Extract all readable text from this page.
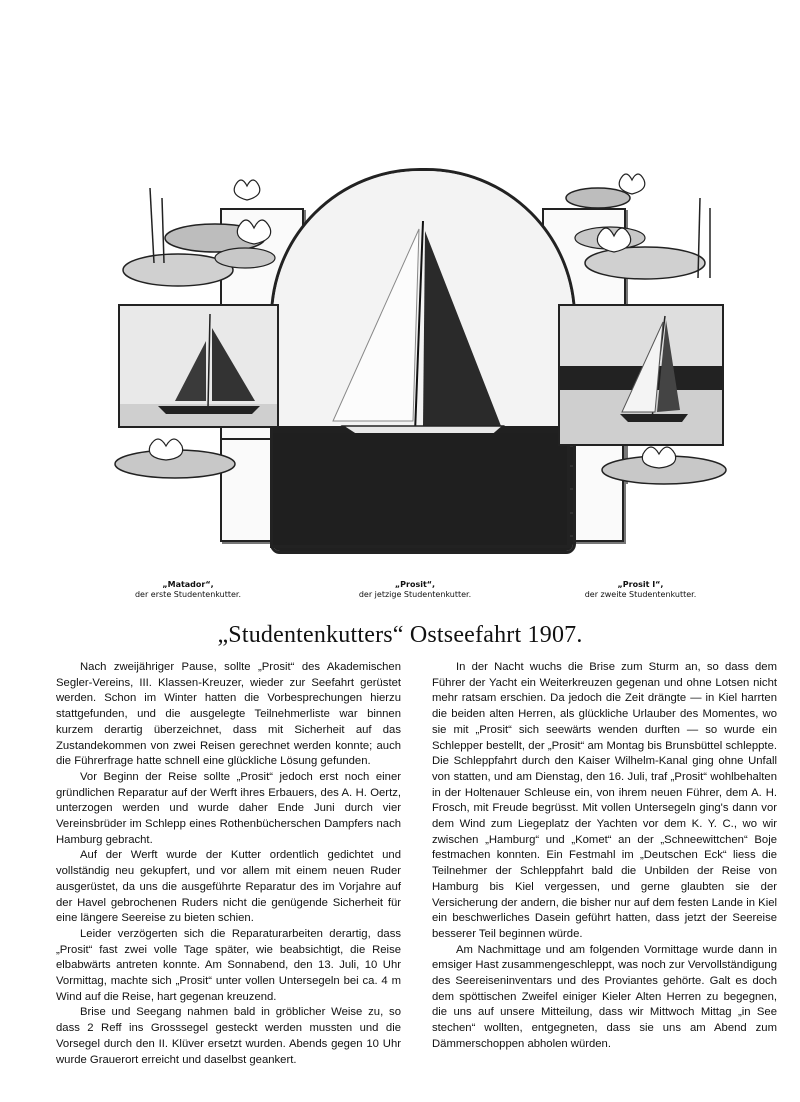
„Matador“,
der erste Studentenkutter.
„Prosit“,
der jetzige Studentenkutter.
„Prosit I“,
der zweite Studentenkutter.
„Studentenkutters“ Ostseefahrt 1907.

Nach zweijähriger Pause, sollte „Prosit“ des Akademischen Segler-Vereins, III. Klassen-Kreuzer, wieder zur Seefahrt gerüstet werden. Schon im Winter hatten die Vorbesprechungen hierzu stattgefunden, und die ausgelegte Teilnehmerliste war binnen kurzem derartig überzeichnet, dass mit Sicherheit auf das Zustandekommen von zwei Reisen gerechnet werden konnte; auch die Führerfrage hatte schnell eine glückliche Lösung gefunden.

Vor Beginn der Reise sollte „Prosit“ jedoch erst noch einer gründlichen Reparatur auf der Werft ihres Erbauers, des A. H. Oertz, unterzogen werden und wurde daher Ende Juni durch vier Vereinsbrüder im Schlepp eines Rothenbücherschen Dampfers nach Hamburg gebracht.

Auf der Werft wurde der Kutter ordentlich gedichtet und vollständig neu gekupfert, und vor allem mit einem neuen Ruder ausgerüstet, da uns die ausgeführte Reparatur des im Vorjahre auf der Havel gebrochenen Ruders nicht die genügende Sicherheit für eine längere Seereise zu bieten schien.

Leider verzögerten sich die Reparaturarbeiten derartig, dass „Prosit“ fast zwei volle Tage später, wie beabsichtigt, die Reise elbabwärts antreten konnte. Am Sonnabend, den 13. Juli, 10 Uhr Vormittag, machte sich „Prosit“ unter vollen Untersegeln bei ca. 4 m Wind auf die Reise, hart gegenan kreuzend.

Brise und Seegang nahmen bald in gröblicher Weise zu, so dass 2 Reff ins Grosssegel gesteckt werden mussten und die Vorsegel durch den II. Klüver ersetzt wurden. Abends gegen 10 Uhr wurde Grauerort erreicht und daselbst geankert.

In der Nacht wuchs die Brise zum Sturm an, so dass dem Führer der Yacht ein Weiterkreuzen gegenan und ohne Lotsen nicht mehr ratsam erschien. Da jedoch die Zeit drängte — in Kiel harrten die beiden alten Herren, als glückliche Urlauber des Momentes, wo sie mit „Prosit“ sich seewärts wenden durften — so wurde ein Schlepper bestellt, der „Prosit“ am Montag bis Brunsbüttel schleppte. Die Schleppfahrt durch den Kaiser Wilhelm-Kanal ging ohne Unfall von statten, und am Dienstag, den 16. Juli, traf „Prosit“ wohlbehalten in der Holtenauer Schleuse ein, von ihrem neuen Führer, dem A. H. Frosch, mit Freude begrüsst. Mit vollen Untersegeln ging's dann vor dem Wind zum Liegeplatz der Yachten vor dem K. Y. C., wo wir zwischen „Hamburg“ und „Komet“ an der „Schneewittchen“ Boje festmachen konnten. Ein Festmahl im „Deutschen Eck“ liess die Teilnehmer der Schleppfahrt bald die Unbilden der Reise von Hamburg bis Kiel vergessen, und gerne glaubten sie der Versicherung der andern, die bisher nur auf dem festen Lande in Kiel ein beschwerliches Dasein geführt hatten, dass jetzt der Seereise besserer Teil beginnen würde.

Am Nachmittage und am folgenden Vormittage wurde dann in emsiger Hast zusammengeschleppt, was noch zur Vervollständigung des Seereiseninventars und des Proviantes gehörte. Galt es doch dem spöttischen Zweifel einiger Kieler Alten Herren zu begegnen, die uns auf unsere Mitteilung, dass wir Mittwoch Mittag „in See stechen“ wollten, entgegneten, dass sie uns am Abend zum Dämmerschoppen abholen würden.
